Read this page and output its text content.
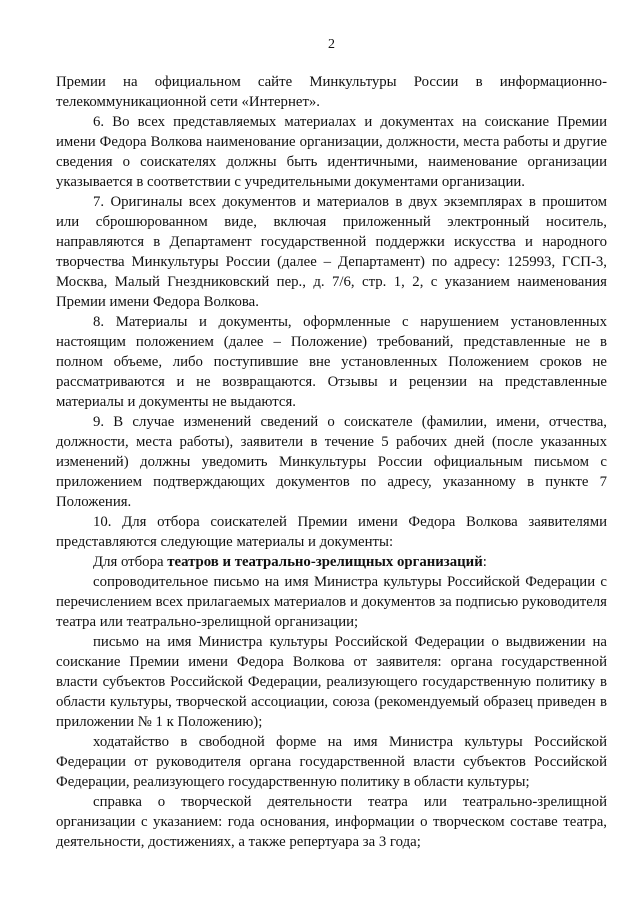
2

Премии на официальном сайте Минкультуры России в информационно-телекоммуникационной сети «Интернет».

6. Во всех представляемых материалах и документах на соискание Премии имени Федора Волкова наименование организации, должности, места работы и другие сведения о соискателях должны быть идентичными, наименование организации указывается в соответствии с учредительными документами организации.

7. Оригиналы всех документов и материалов в двух экземплярах в прошитом или сброшюрованном виде, включая приложенный электронный носитель, направляются в Департамент государственной поддержки искусства и народного творчества Минкультуры России (далее – Департамент) по адресу: 125993, ГСП-3, Москва, Малый Гнездниковский пер., д. 7/6, стр. 1, 2, с указанием наименования Премии имени Федора Волкова.

8. Материалы и документы, оформленные с нарушением установленных настоящим положением (далее – Положение) требований, представленные не в полном объеме, либо поступившие вне установленных Положением сроков не рассматриваются и не возвращаются. Отзывы и рецензии на представленные материалы и документы не выдаются.

9. В случае изменений сведений о соискателе (фамилии, имени, отчества, должности, места работы), заявители в течение 5 рабочих дней (после указанных изменений) должны уведомить Минкультуры России официальным письмом с приложением подтверждающих документов по адресу, указанному в пункте 7 Положения.

10. Для отбора соискателей Премии имени Федора Волкова заявителями представляются следующие материалы и документы:

Для отбора театров и театрально-зрелищных организаций:

сопроводительное письмо на имя Министра культуры Российской Федерации с перечислением всех прилагаемых материалов и документов за подписью руководителя театра или театрально-зрелищной организации;

письмо на имя Министра культуры Российской Федерации о выдвижении на соискание Премии имени Федора Волкова от заявителя: органа государственной власти субъектов Российской Федерации, реализующего государственную политику в области культуры, творческой ассоциации, союза (рекомендуемый образец приведен в приложении № 1 к Положению);

ходатайство в свободной форме на имя Министра культуры Российской Федерации от руководителя органа государственной власти субъектов Российской Федерации, реализующего государственную политику в области культуры;

справка о творческой деятельности театра или театрально-зрелищной организации с указанием: года основания, информации о творческом составе театра, деятельности, достижениях, а также репертуара за 3 года;
